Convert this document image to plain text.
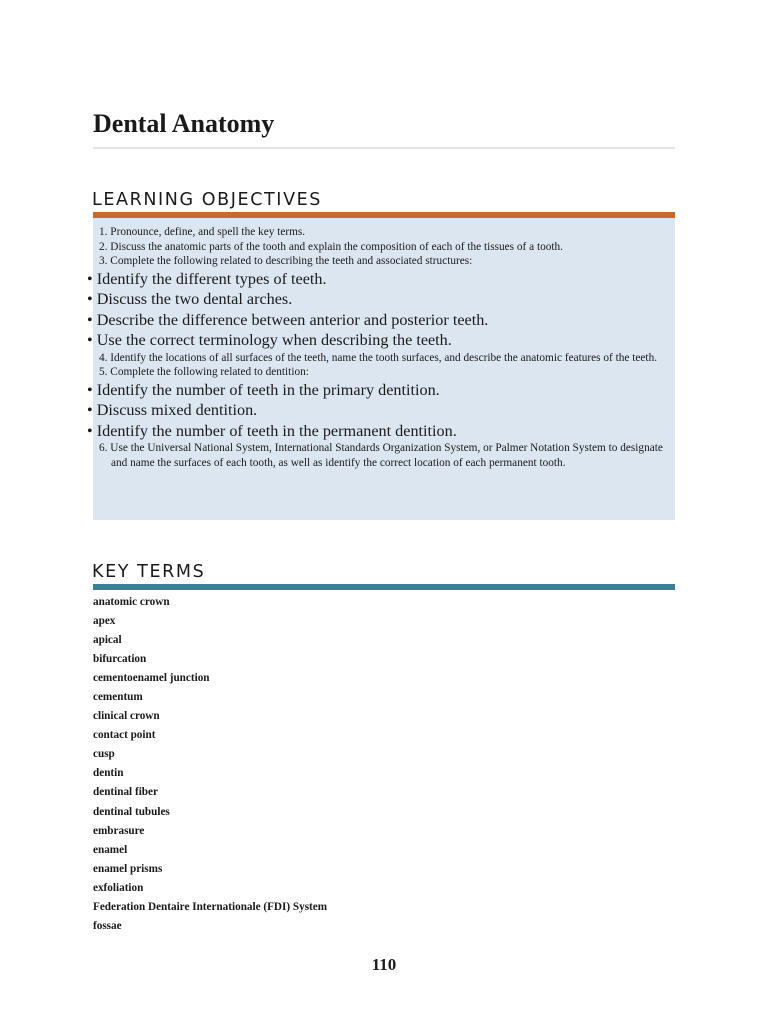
Dental Anatomy
LEARNING OBJECTIVES
1. Pronounce, define, and spell the key terms.
2. Discuss the anatomic parts of the tooth and explain the composition of each of the tissues of a tooth.
3. Complete the following related to describing the teeth and associated structures:
• Identify the different types of teeth.
• Discuss the two dental arches.
• Describe the difference between anterior and posterior teeth.
• Use the correct terminology when describing the teeth.
4. Identify the locations of all surfaces of the teeth, name the tooth surfaces, and describe the anatomic features of the teeth.
5. Complete the following related to dentition:
• Identify the number of teeth in the primary dentition.
• Discuss mixed dentition.
• Identify the number of teeth in the permanent dentition.
6. Use the Universal National System, International Standards Organization System, or Palmer Notation System to designate and name the surfaces of each tooth, as well as identify the correct location of each permanent tooth.
KEY TERMS
anatomic crown
apex
apical
bifurcation
cementoenamel junction
cementum
clinical crown
contact point
cusp
dentin
dentinal fiber
dentinal tubules
embrasure
enamel
enamel prisms
exfoliation
Federation Dentaire Internationale (FDI) System
fossae
110
